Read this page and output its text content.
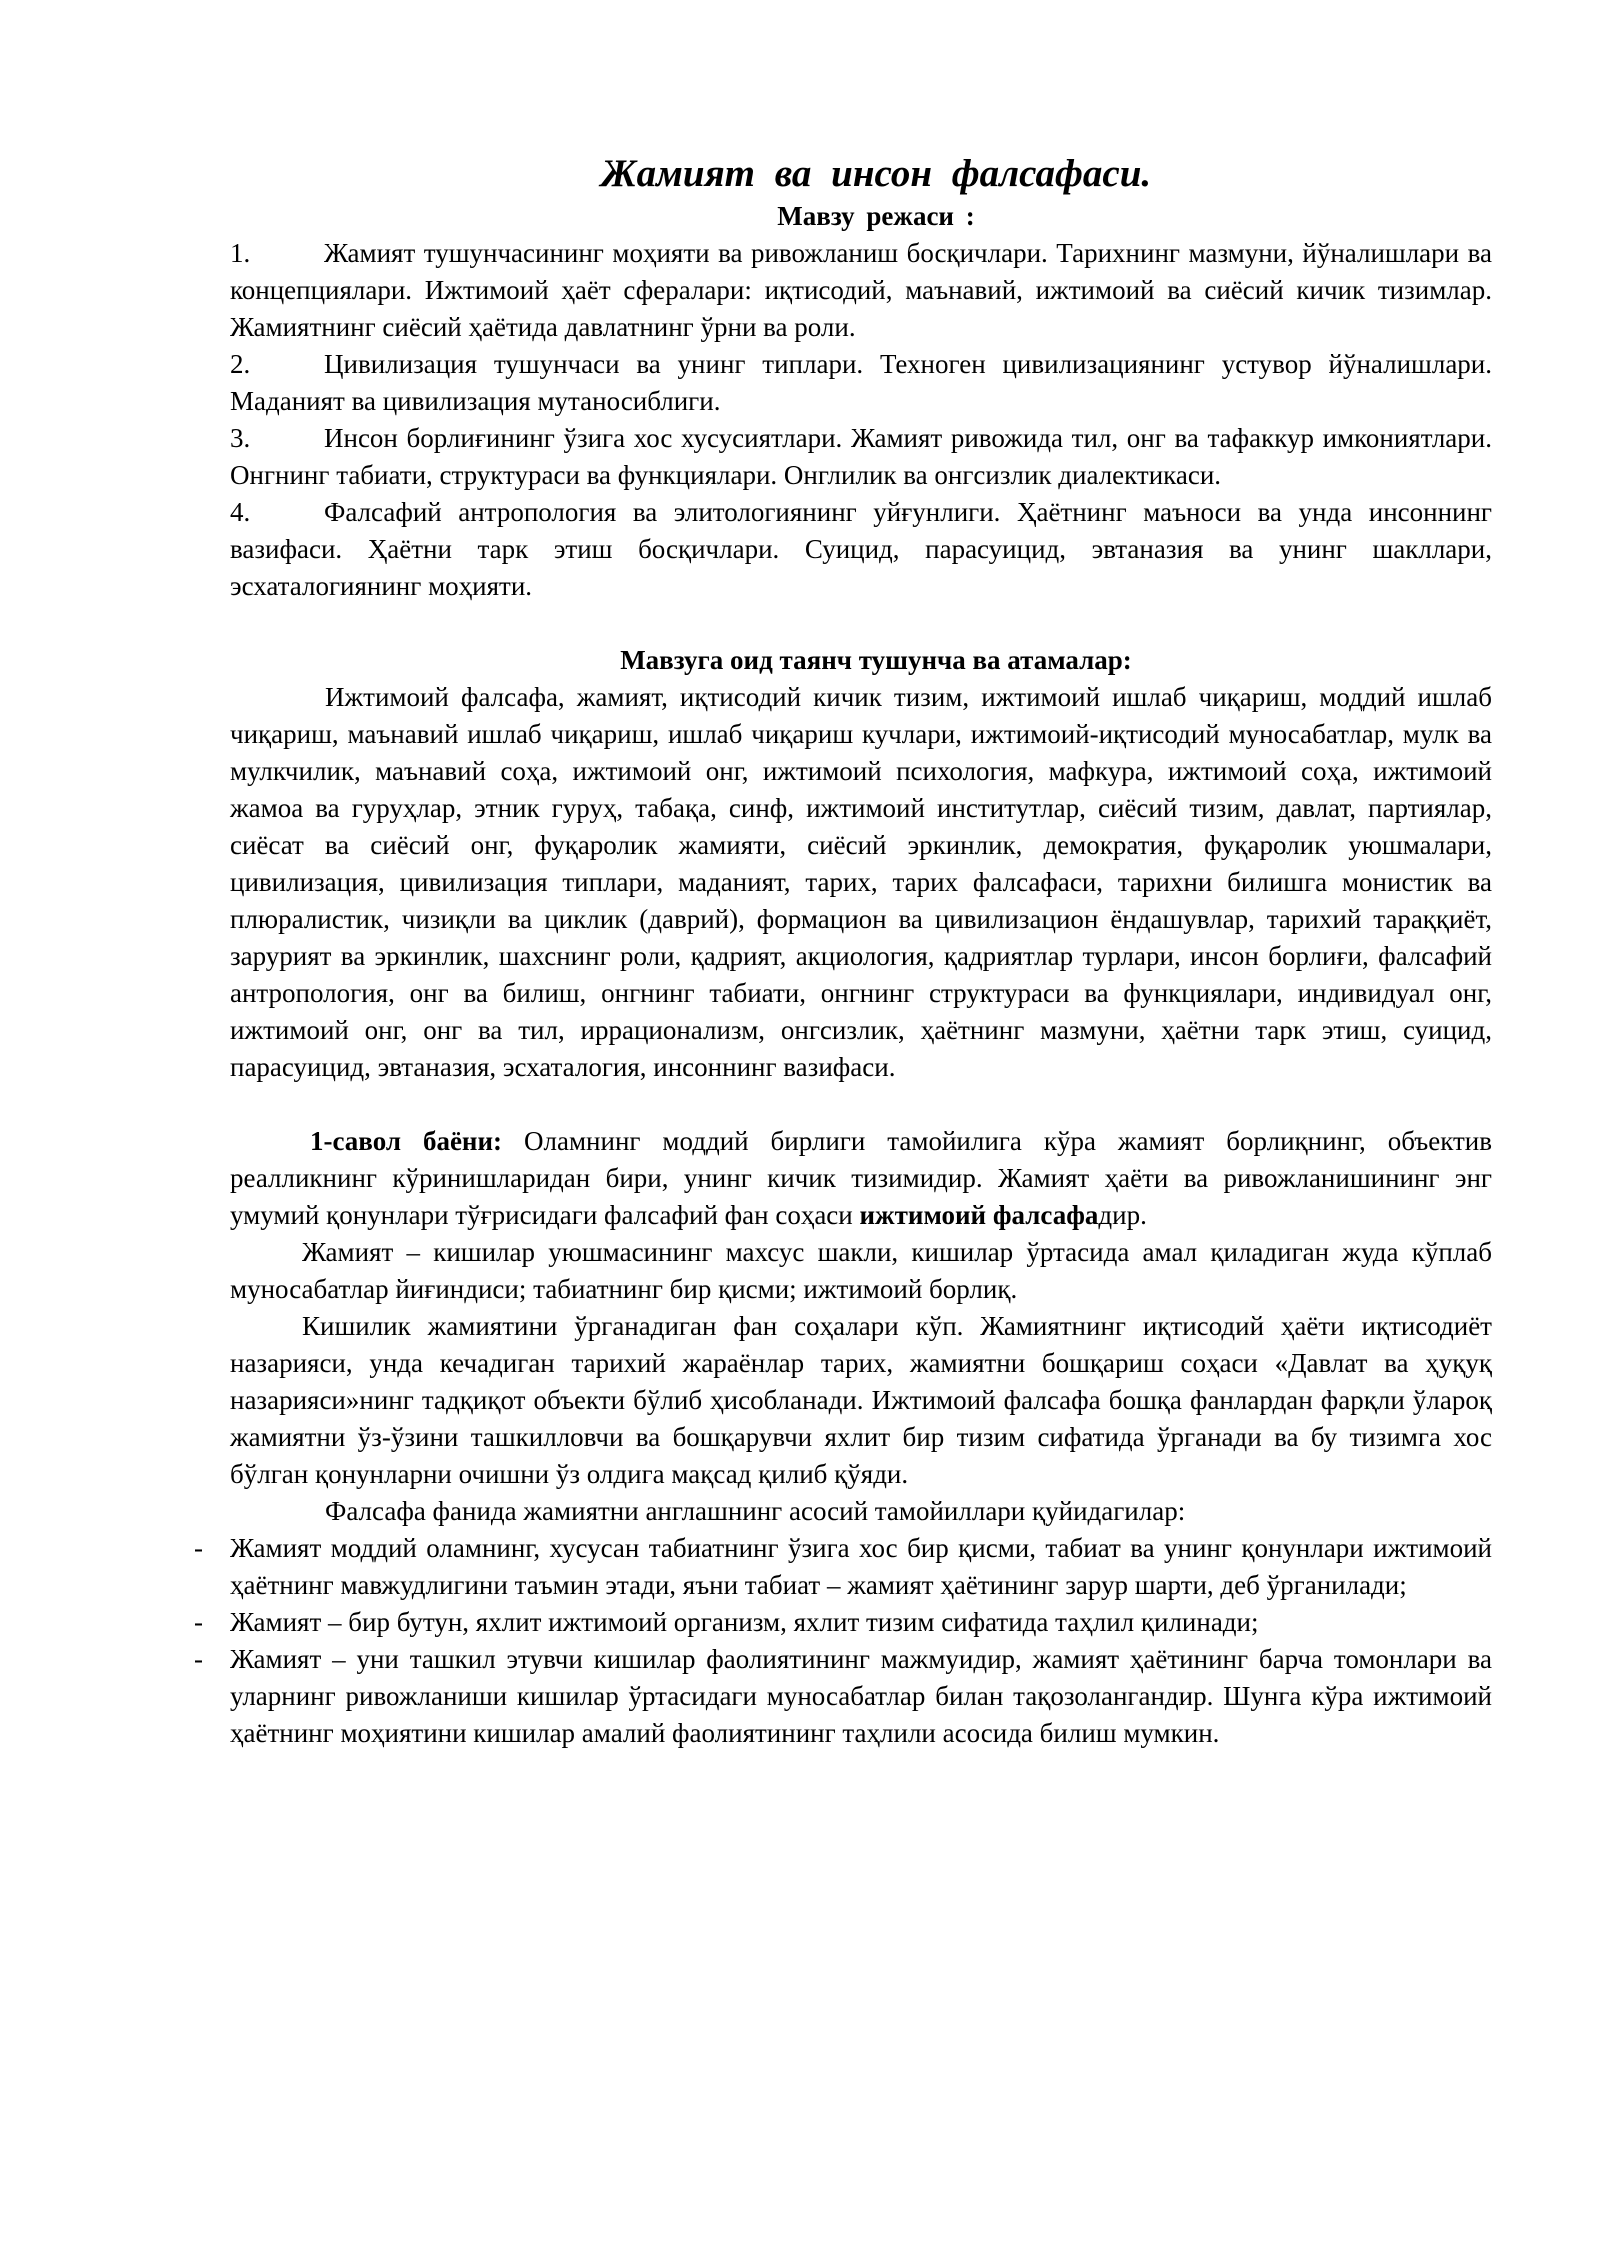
Жамият ва инсон фалсафаси.

Мавзу режаси :

1.	Жамият тушунчасининг моҳияти ва ривожланиш босқичлари. Тарихнинг мазмуни, йўналишлари ва концепциялари. Ижтимоий ҳаёт сфералари: иқтисодий, маънавий, ижтимоий ва сиёсий кичик тизимлар. Жамиятнинг сиёсий ҳаётида давлатнинг ўрни ва роли.

2.	Цивилизация тушунчаси ва унинг типлари. Техноген цивилизациянинг устувор йўналишлари. Маданият ва цивилизация мутаносиблиги.

3.	Инсон борлиғининг ўзига хос хусусиятлари. Жамият ривожида тил, онг ва тафаккур имкониятлари. Онгнинг табиати, структураси ва функциялари. Онглилик ва онгсизлик диалектикаси.

4.	Фалсафий антропология ва элитологиянинг уйғунлиги. Ҳаётнинг маъноси ва унда инсоннинг вазифаси. Ҳаётни тарк этиш босқичлари. Суицид, парасуицид, эвтаназия ва унинг шакллари, эсхаталогиянинг моҳияти.

Мавзуга оид таянч тушунча ва атамалар:

Ижтимоий фалсафа, жамият, иқтисодий кичик тизим, ижтимоий ишлаб чиқариш, моддий ишлаб чиқариш, маънавий ишлаб чиқариш, ишлаб чиқариш кучлари, ижтимоий-иқтисодий муносабатлар, мулк ва мулкчилик, маънавий соҳа, ижтимоий онг, ижтимоий психология, мафкура, ижтимоий соҳа, ижтимоий жамоа ва гуруҳлар, этник гуруҳ, табақа, синф, ижтимоий институтлар, сиёсий тизим, давлат, партиялар, сиёсат ва сиёсий онг, фуқаролик жамияти, сиёсий эркинлик, демократия, фуқаролик уюшмалари, цивилизация, цивилизация типлари, маданият, тарих, тарих фалсафаси, тарихни билишга монистик ва плюралистик, чизиқли ва циклик (даврий), формацион ва цивилизацион ёндашувлар, тарихий тараққиёт, зарурият ва эркинлик, шахснинг роли, қадрият, акциология, қадриятлар турлари, инсон борлиғи, фалсафий антропология, онг ва билиш, онгнинг табиати, онгнинг структураси ва функциялари, индивидуал онг, ижтимоий онг, онг ва тил, иррационализм, онгсизлик, ҳаётнинг мазмуни, ҳаётни тарк этиш, суицид, парасуицид, эвтаназия, эсхаталогия, инсоннинг вазифаси.

1-савол баёни: Оламнинг моддий бирлиги тамойилига кўра жамият борлиқнинг, объектив реалликнинг кўринишларидан бири, унинг кичик тизимидир. Жамият ҳаёти ва ривожланишининг энг умумий қонунлари тўғрисидаги фалсафий фан соҳаси ижтимоий фалсафадир.

Жамият – кишилар уюшмасининг махсус шакли, кишилар ўртасида амал қиладиган жуда кўплаб муносабатлар йиғиндиси; табиатнинг бир қисми; ижтимоий борлиқ.

Кишилик жамиятини ўрганадиган фан соҳалари кўп. Жамиятнинг иқтисодий ҳаёти иқтисодиёт назарияси, унда кечадиган тарихий жараёнлар тарих, жамиятни бошқариш соҳаси «Давлат ва ҳуқуқ назарияси»нинг тадқиқот объекти бўлиб ҳисобланади. Ижтимоий фалсафа бошқа фанлардан фарқли ўлароқ жамиятни ўз-ўзини ташкилловчи ва бошқарувчи яхлит бир тизим сифатида ўрганади ва бу тизимга хос бўлган қонунларни очишни ўз олдига мақсад қилиб қўяди.

Фалсафа фанида жамиятни англашнинг асосий тамойиллари қуйидагилар:

- Жамият моддий оламнинг, хусусан табиатнинг ўзига хос бир қисми, табиат ва унинг қонунлари ижтимоий ҳаётнинг мавжудлигини таъмин этади, яъни табиат – жамият ҳаётининг зарур шарти, деб ўрганилади;
- Жамият – бир бутун, яхлит ижтимоий организм, яхлит тизим сифатида таҳлил қилинади;
- Жамият – уни ташкил этувчи кишилар фаолиятининг мажмуидир, жамият ҳаётининг барча томонлари ва уларнинг ривожланиши кишилар ўртасидаги муносабатлар билан тақозолангандир. Шунга кўра ижтимоий ҳаётнинг моҳиятини кишилар амалий фаолиятининг таҳлили асосида билиш мумкин.
